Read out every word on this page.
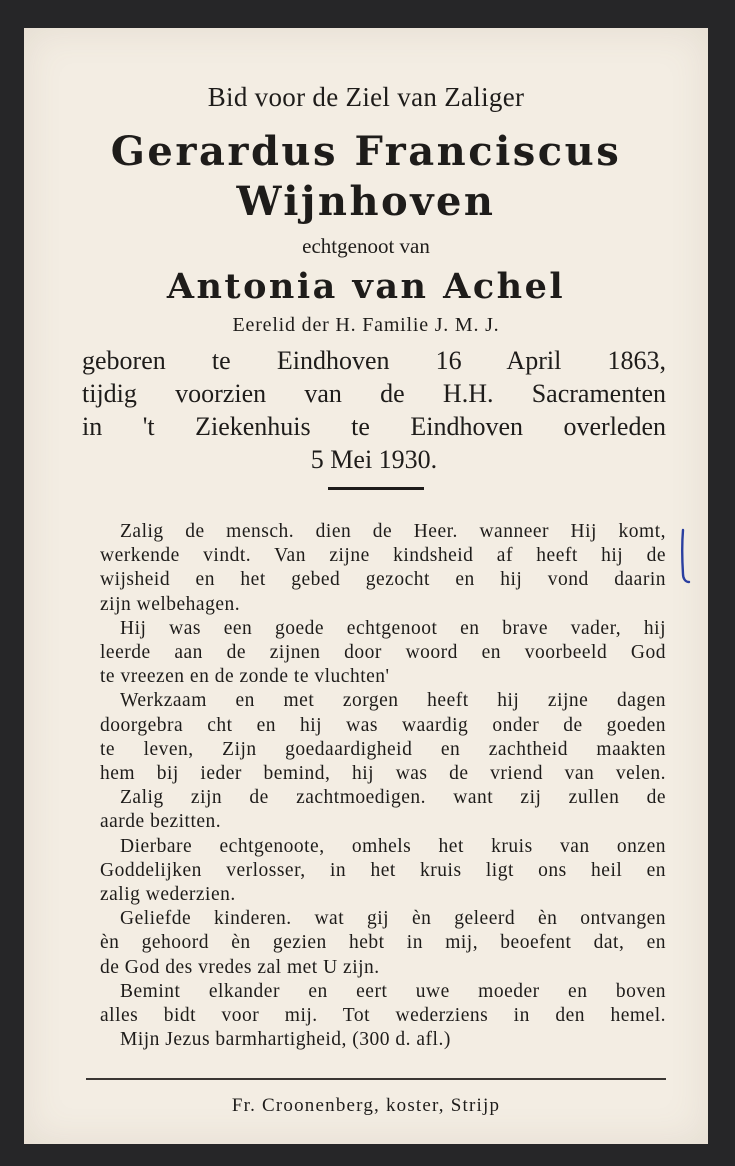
Bid voor de Ziel van Zaliger
Gerardus Franciscus
Wijnhoven
echtgenoot van
Antonia van Achel
Eerelid der H. Familie J. M. J.
geboren te Eindhoven 16 April 1863,
tijdig voorzien van de H.H. Sacramenten
in 't Ziekenhuis te Eindhoven overleden
5 Mei 1930.
Zalig de mensch. dien de Heer. wanneer Hij komt,
werkende vindt. Van zijne kindsheid af heeft hij de
wijsheid en het gebed gezocht en hij vond daarin
zijn welbehagen.
Hij was een goede echtgenoot en brave vader, hij
leerde aan de zijnen door woord en voorbeeld God
te vreezen en de zonde te vluchten'
Werkzaam en met zorgen heeft hij zijne dagen
doorgebra cht en hij was waardig onder de goeden
te leven, Zijn goedaardigheid en zachtheid maakten
hem bij ieder bemind, hij was de vriend van velen.
Zalig zijn de zachtmoedigen. want zij zullen de
aarde bezitten.
Dierbare echtgenoote, omhels het kruis van onzen
Goddelijken verlosser, in het kruis ligt ons heil en
zalig wederzien.
Geliefde kinderen. wat gij èn geleerd èn ontvangen
èn gehoord èn gezien hebt in mij, beoefent dat, en
de God des vredes zal met U zijn.
Bemint elkander en eert uwe moeder en boven
alles bidt voor mij. Tot wederziens in den hemel.
Mijn Jezus barmhartigheid, (300 d. afl.)
Fr. Croonenberg, koster, Strijp
